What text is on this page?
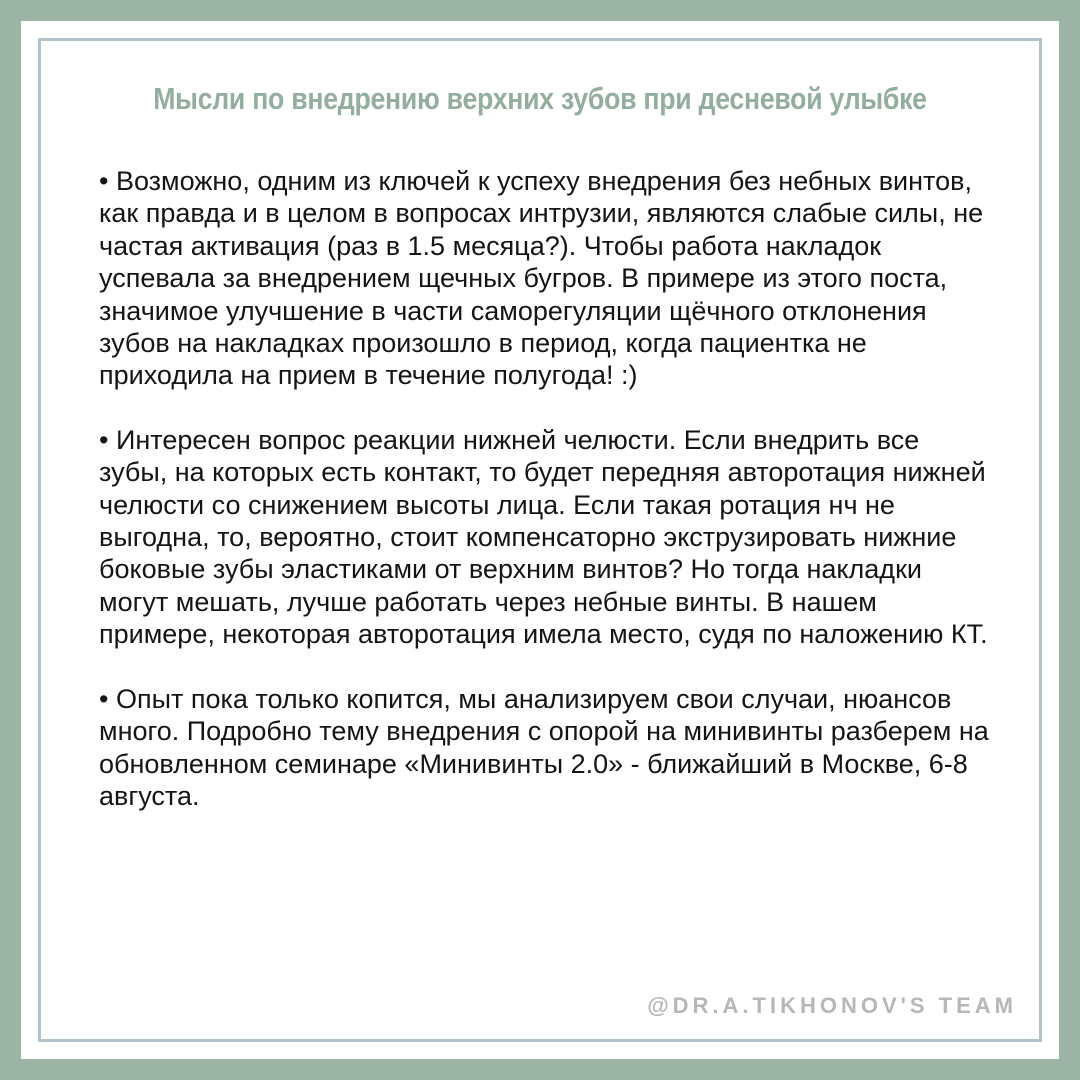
Мысли по внедрению верхних зубов при десневой улыбке

• Возможно, одним из ключей к успеху внедрения без небных винтов, как правда и в целом в вопросах интрузии, являются слабые силы, не частая активация (раз в 1.5 месяца?). Чтобы работа накладок успевала за внедрением щечных бугров. В примере из этого поста, значимое улучшение в части саморегуляции щёчного отклонения зубов на накладках произошло в период, когда пациентка не приходила на прием в течение полугода! :)

• Интересен вопрос реакции нижней челюсти. Если внедрить все зубы, на которых есть контакт, то будет передняя авторотация нижней челюсти со снижением высоты лица. Если такая ротация нч не выгодна, то, вероятно, стоит компенсаторно экструзировать нижние боковые зубы эластиками от верхним винтов? Но тогда накладки могут мешать, лучше работать через небные винты. В нашем примере, некоторая авторотация имела место, судя по наложению КТ.

• Опыт пока только копится, мы анализируем свои случаи, нюансов много. Подробно тему внедрения с опорой на минивинты разберем на обновленном семинаре «Минивинты 2.0» - ближайший в Москве, 6-8 августа.

@DR.A.TIKHONOV'S TEAM
